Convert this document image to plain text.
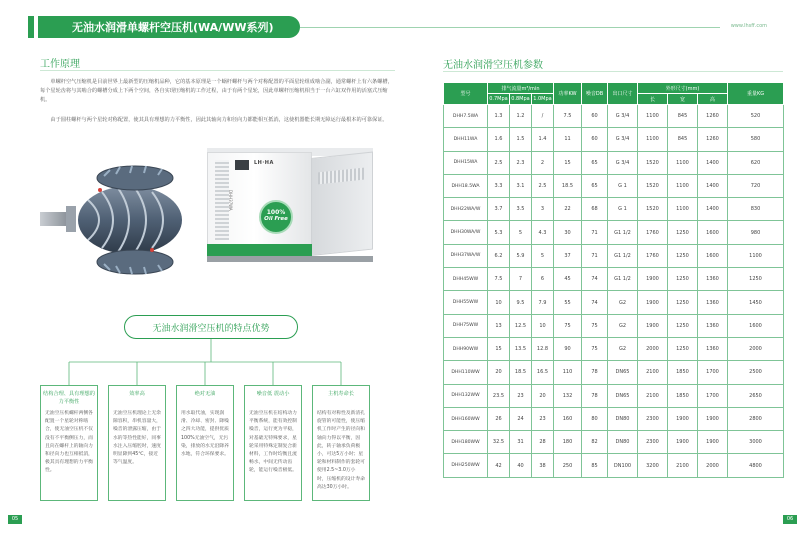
无油水润滑单螺杆空压机(WA/WW系列)	www.lhsff.com
工作原理

单螺杆空气压缩机是目前世界上最新型的压缩机品种，它的基本原理是一个蜗杆螺杆与两个对称配置的平面星轮组成啮合副，通常螺杆上有六条螺槽，每个星轮齿将与其啮合的螺槽分成上下两个空间，各自实现压缩机的工作过程，由于有两个星轮，因此单螺杆压缩机相当于一台六缸双作用的活塞式压缩机。

由于圆柱螺杆与两个星轮对称配置，使其具有理想的力平衡性，因此其轴向力和径向力都能相互抵消，这使机器能长期无障运行最根本的可靠保证。

LH·HA
DHH37WA
100%
Oil Free
无油水润滑空压机的特点优势
结构合理、具有理想的力平衡性
无油空压机螺杆两侧各配置一个星轮对称啮合，使无油空压机不仅没有不平衡侧压力，而且向在螺杆上的轴向力和径向力也互相抵消，极其具有理想的力平衡性。
效率高
无油空压机理论上无余隙容积，串机容量大，噪音的泄露压缩，由于水的等热性能好，同事水注入压缩腔时，速度明显降到45℃，接近等气温度。
绝对无油
用水取代油，实现润滑、冷却、密封、降噪之四大功能，提供优质100%无油空气，无污染，排放的水无沿降养水地，符合环保要求。
噪音低 震动小
无油空压机在结构动力平衡系统，能有效控制噪音，运行更为平稳，对基础无特殊要求，星轮采用特殊定制复合新材料，工作时均衡且流畅水，中间无传动齿轮，能运行噪音极低。
主机寿命长
结构有对称性及新清孔旋管的可能性，使压缩机工作时产生的径向和轴向力得以平衡，因此，转子轴承负荷极小，可达5万小时；星轮和材料制作的套轮可使用2.5~3.0万小时，压缩机的设计寿命高达30万小时。
05
无油水润滑空压机参数
型号	排气流量m³/min			功率KW	噪音DB	出口尺寸	外形尺寸(mm)			重量KG
	0.7Mpa	0.8Mpa	1.0Mpa				长	宽	高	
DHH7.5WA	1.3	1.2	/	7.5	60	G 3/4	1100	845	1260	520
DHH11WA	1.6	1.5	1.4	11	60	G 3/4	1100	845	1260	580
DHH15WA	2.5	2.3	2	15	65	G 3/4	1520	1100	1400	620
DHH18.5WA	3.3	3.1	2.5	18.5	65	G 1	1520	1100	1400	720
DHH22WA/W	3.7	3.5	3	22	68	G 1	1520	1100	1400	830
DHH30WA/W	5.3	5	4.3	30	71	G1 1/2	1760	1250	1600	980
DHH37WA/W	6.2	5.9	5	37	71	G1 1/2	1760	1250	1600	1100
DHH45WW	7.5	7	6	45	74	G1 1/2	1900	1250	1360	1250
DHH55WW	10	9.5	7.9	55	74	G2	1900	1250	1360	1450
DHH75WW	13	12.5	10	75	75	G2	1900	1250	1360	1600
DHH90WW	15	13.5	12.8	90	75	G2	2000	1250	1360	2000
DHH110WW	20	18.5	16.5	110	78	DN65	2100	1850	1700	2500
DHH132WW	23.5	23	20	132	78	DN65	2100	1850	1700	2650
DHH160WW	26	24	23	160	80	DN80	2300	1900	1900	2800
DHH180WW	32.5	31	28	180	82	DN80	2300	1900	1900	3000
DHH250WW	42	40	38	250	85	DN100	3200	2100	2000	4800
06
